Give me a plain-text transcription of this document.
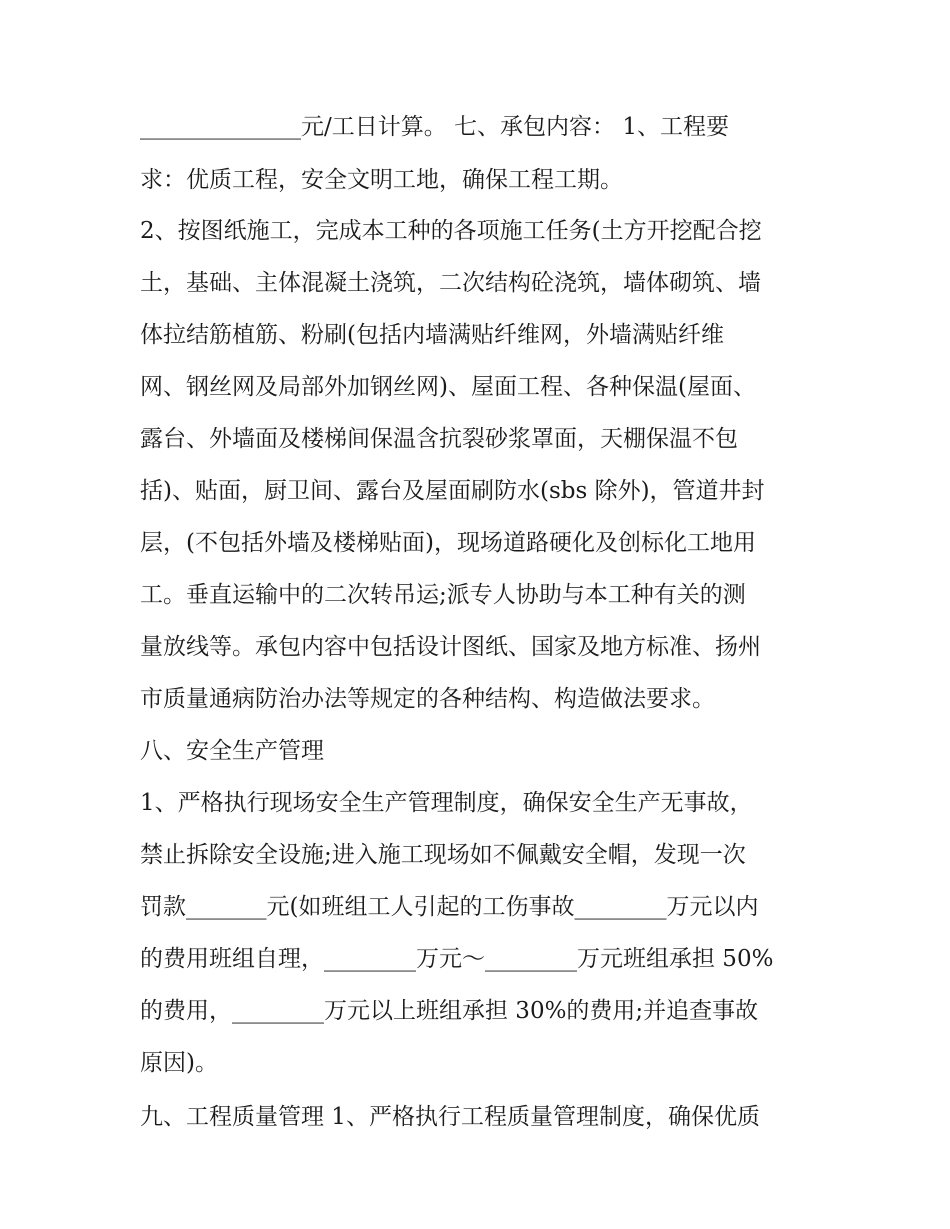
______________元/工日计算。 七、承包内容： 1、工程要
求：优质工程，安全文明工地，确保工程工期。
2、按图纸施工，完成本工种的各项施工任务(土方开挖配合挖
土，基础、主体混凝土浇筑，二次结构砼浇筑，墙体砌筑、墙
体拉结筋植筋、粉刷(包括内墙满贴纤维网，外墙满贴纤维
网、钢丝网及局部外加钢丝网)、屋面工程、各种保温(屋面、
露台、外墙面及楼梯间保温含抗裂砂浆罩面，天棚保温不包
括)、贴面，厨卫间、露台及屋面刷防水(sbs 除外)，管道井封
层，(不包括外墙及楼梯贴面)，现场道路硬化及创标化工地用
工。垂直运输中的二次转吊运;派专人协助与本工种有关的测
量放线等。承包内容中包括设计图纸、国家及地方标准、扬州
市质量通病防治办法等规定的各种结构、构造做法要求。
八、安全生产管理
1、严格执行现场安全生产管理制度，确保安全生产无事故，
禁止拆除安全设施;进入施工现场如不佩戴安全帽，发现一次
罚款_______元(如班组工人引起的工伤事故________万元以内
的费用班组自理，________万元～________万元班组承担 50%
的费用，________万元以上班组承担 30%的费用;并追查事故
原因)。
九、工程质量管理 1、严格执行工程质量管理制度，确保优质
